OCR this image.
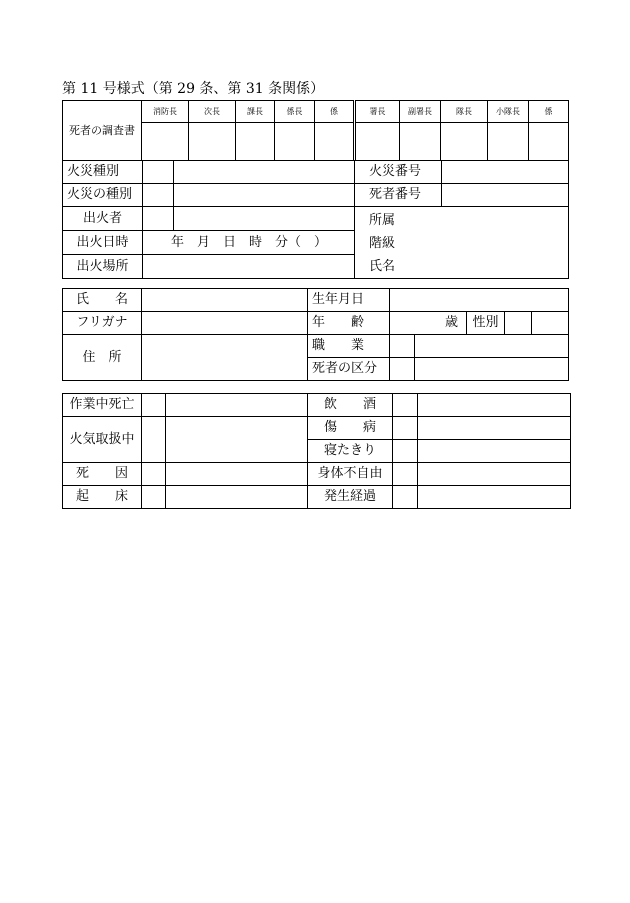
第 11 号様式（第 29 条、第 31 条関係）
死者の調査書	消防長	次長	課長	係長	係	署長	副署長	隊長	小隊長	係

火災種別			火災番号	
火災の種別			死者番号	
出火者			所属
階級
氏名	

出火日時	年　月　日　時　分（　）			
出火場所				
氏　　名		生年月日					
フリガナ		年　　齢	歳		性別		
住　所		職　　業					
		死者の区分					
作業中死亡			飲　　酒		
火気取扱中			傷　　病		
			寝たきり		
死　　因			身体不自由		
起　　床			発生経過		
